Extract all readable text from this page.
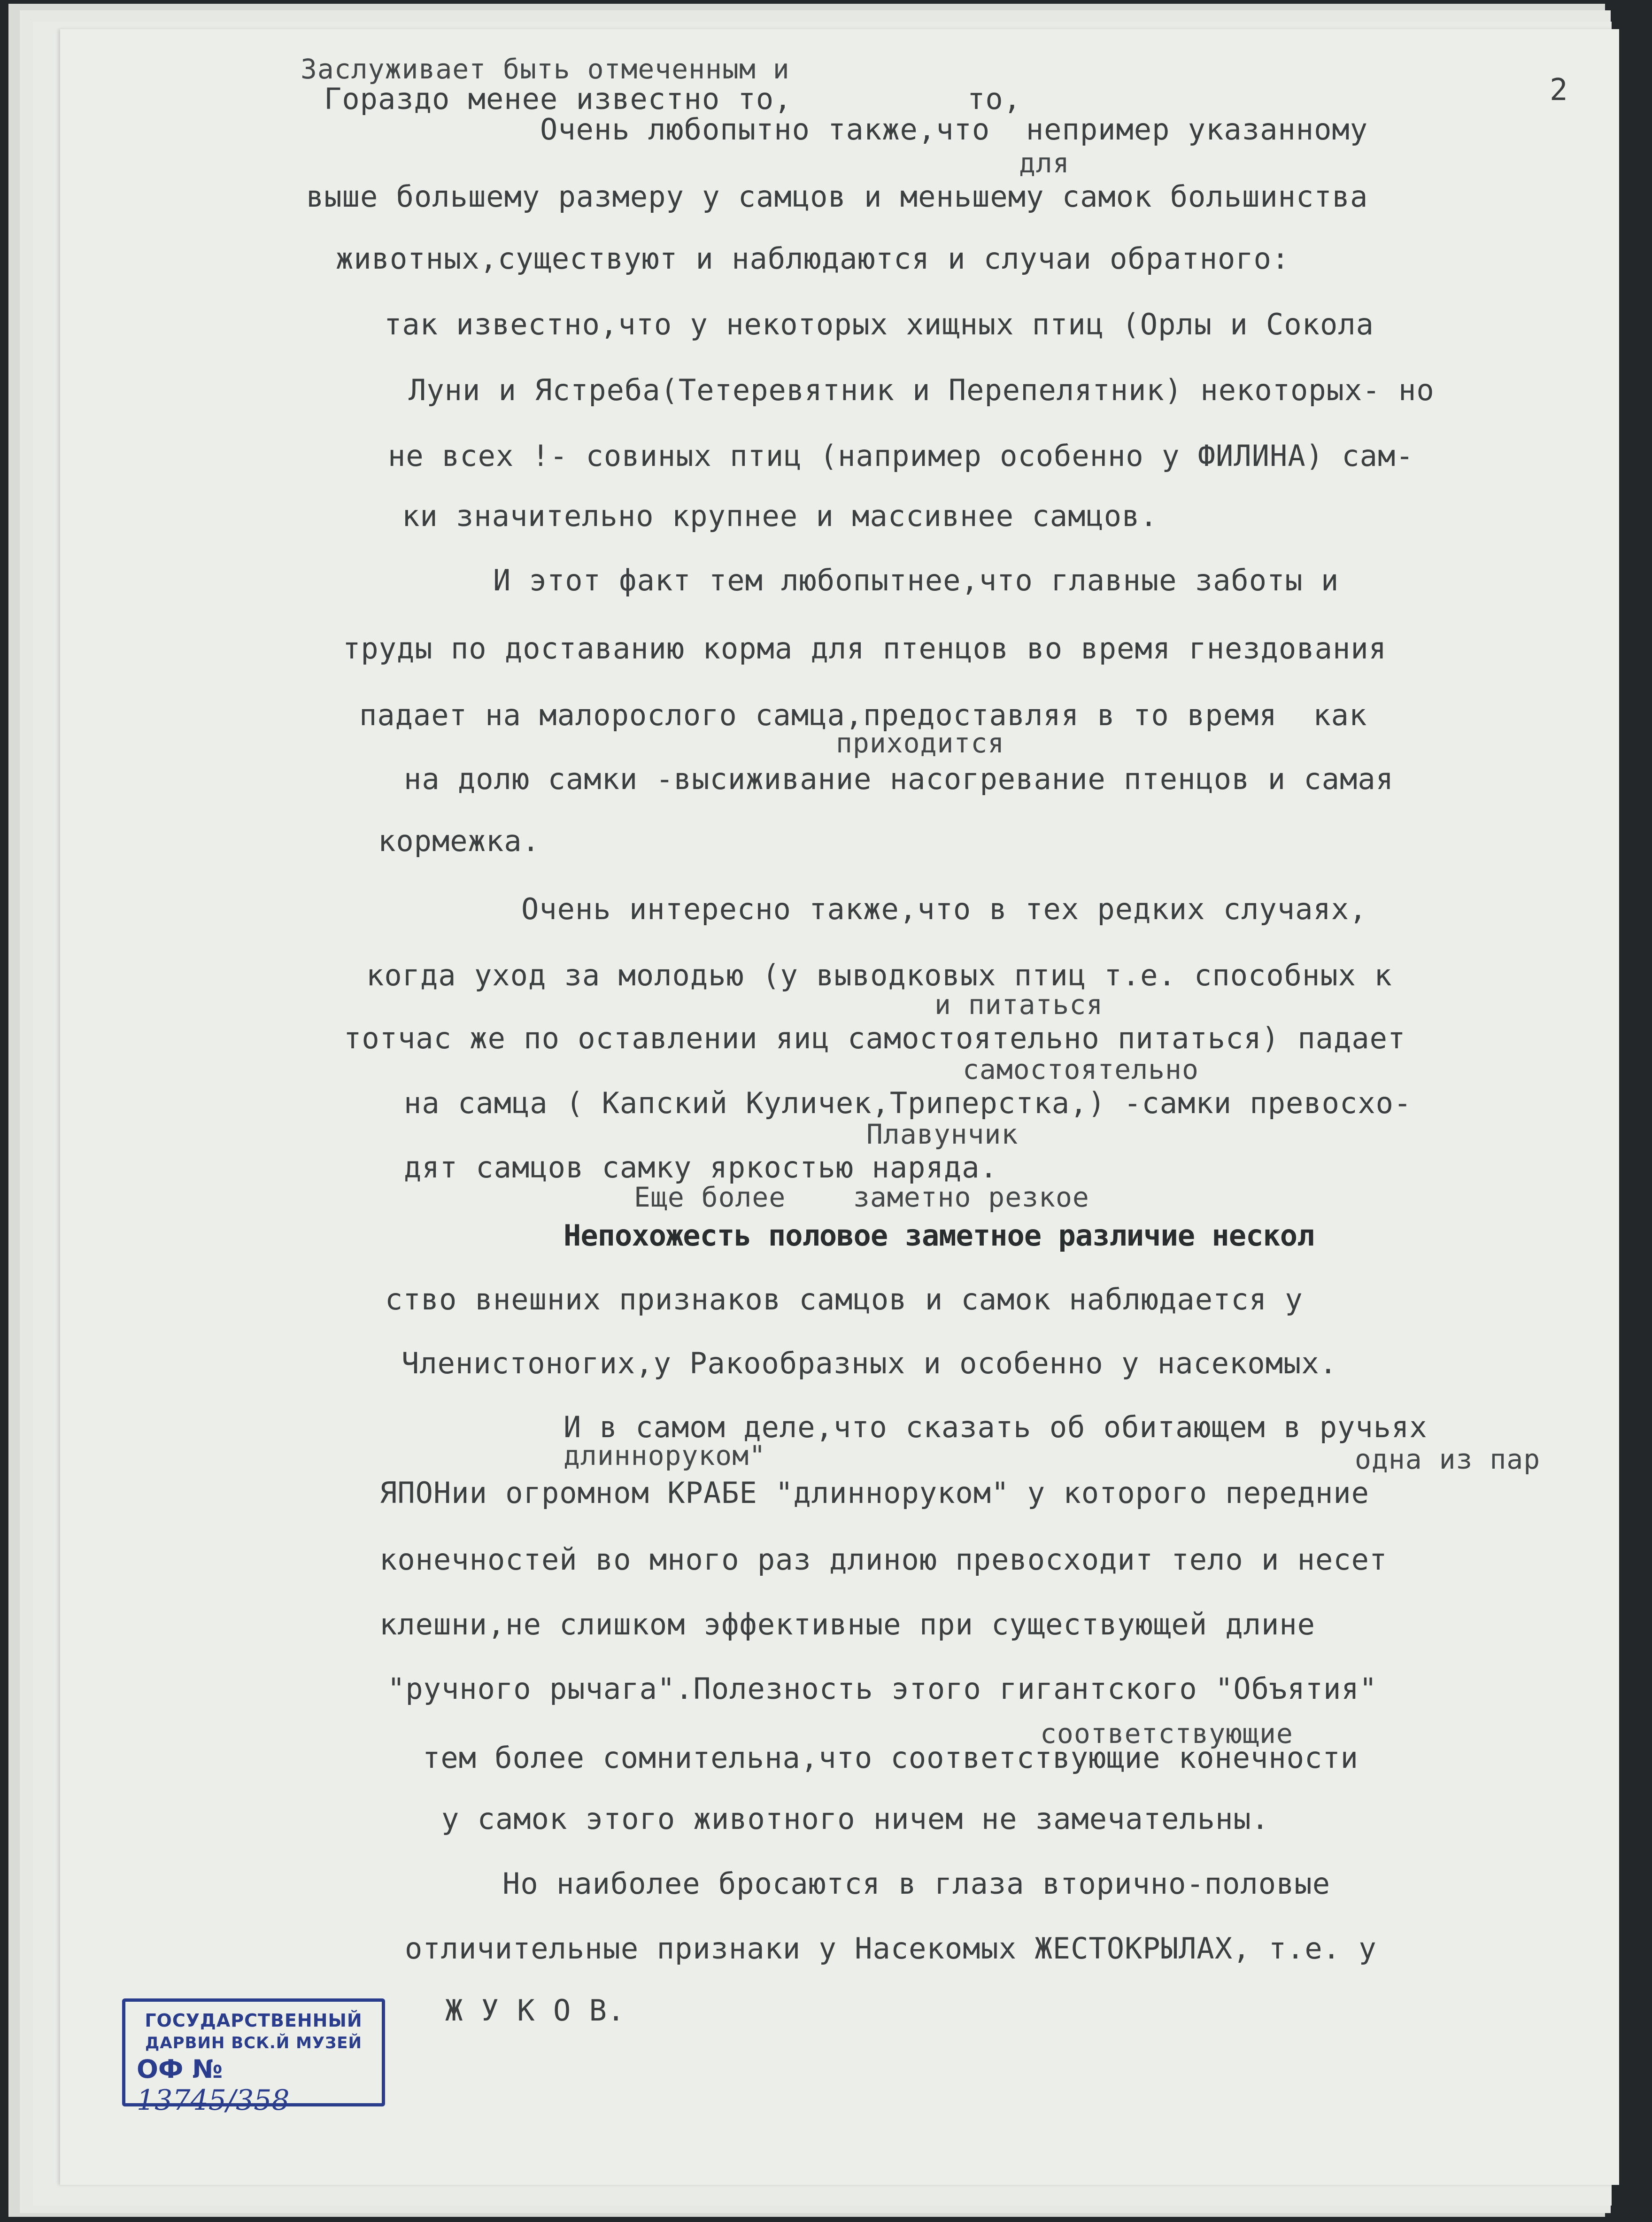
Заслуживает быть отмеченным и

Гораздо менее известно то,	то,

Очень любопытно также,что  непример указанному

для

выше большему размеру у самцов и меньшему самок большинства

животных,существуют и наблюдаются и случаи обратного:

так известно,что у некоторых хищных птиц (Орлы и Сокола

Луни и Ястреба(Тетеревятник и Перепелятник) некоторых- но

не всех !- совиных птиц (например особенно у ФИЛИНА) сам-

ки значительно крупнее и массивнее самцов.

И этот факт тем любопытнее,что главные заботы и

труды по доставанию корма для птенцов во время гнездования

падает на малорослого самца,предоставляя в то время  как

приходится

на долю самки -высиживание насогревание птенцов и самая

кормежка.

Очень интересно также,что в тех редких случаях,

когда уход за молодью (у выводковых птиц т.е. способных к

и питаться

тотчас же по оставлении яиц самостоятельно питаться) падает

самостоятельно

на самца ( Капский Куличек,Триперстка,) -самки превосхо-

Плавунчик

дят самцов самку яркостью наряда.

Еще более    заметно резкое

Непохожесть половое заметное различие нескол

ство внешних признаков самцов и самок наблюдается у

Членистоногих,у Ракообразных и особенно у насекомых.

И в самом деле,что сказать об обитающем в ручьях

длиннoруком"	одна из пар

ЯПОНии огромном КРАБЕ "длиннoруком" у которого передние

конечностей во много раз длиною превосходит тело и несет

клешни,не слишком эффективные при существующей длине

"ручного рычага".Полезность этого гигантского "Объятия"

соответствующие

тем более сомнительна,что соответствующие конечности

у самок этого животного ничем не замечательны.

Но наиболее бросаются в глаза вторично-половые

отличительные признаки у Насекомых ЖЕСТОКРЫЛАХ, т.е. у

Ж У К О В.

2
ГОСУДАРСТВЕННЫЙ
ДАРВИН ВСК.Й МУЗЕЙ
ОФ № 13745/358
